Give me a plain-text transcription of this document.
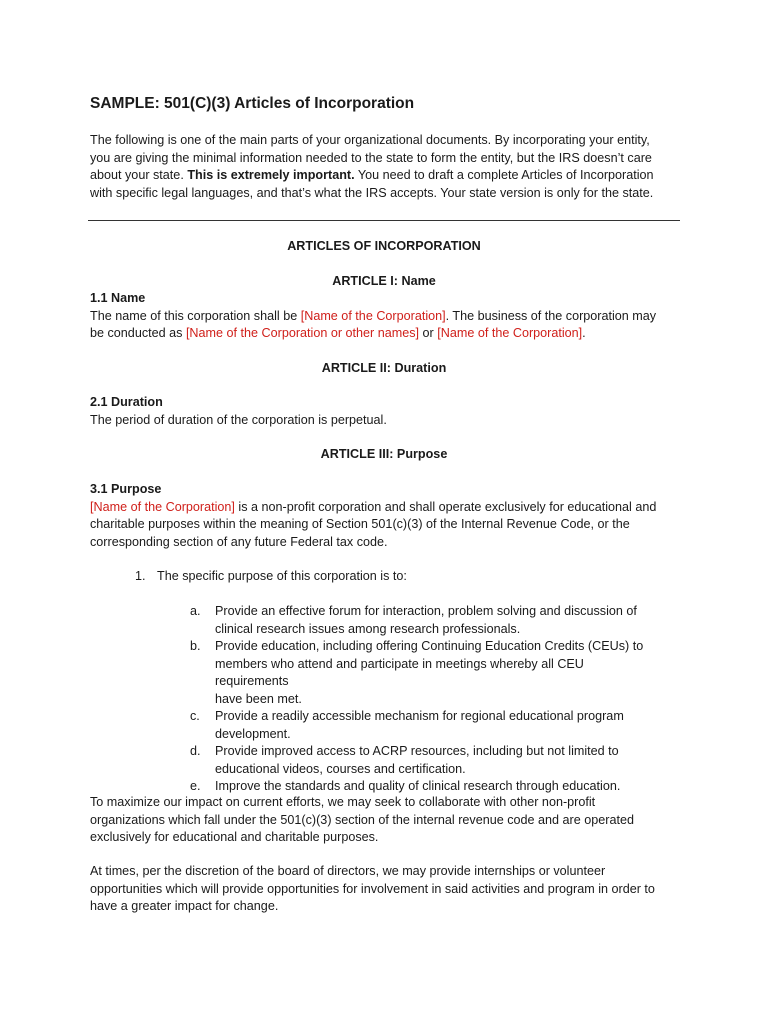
SAMPLE: 501(C)(3) Articles of Incorporation

The following is one of the main parts of your organizational documents. By incorporating your entity,

you are giving the minimal information needed to the state to form the entity, but the IRS doesn’t care

about your state. This is extremely important. You need to draft a complete Articles of Incorporation

with specific legal languages, and that’s what the IRS accepts. Your state version is only for the state.

ARTICLES OF INCORPORATION
ARTICLE I: Name

1.1 Name

The name of this corporation shall be [Name of the Corporation]. The business of the corporation may

be conducted as [Name of the Corporation or other names] or [Name of the Corporation].

ARTICLE II: Duration

2.1 Duration

The period of duration of the corporation is perpetual.

ARTICLE III: Purpose

3.1 Purpose

[Name of the Corporation] is a non-profit corporation and shall operate exclusively for educational and

charitable purposes within the meaning of Section 501(c)(3) of the Internal Revenue Code, or the

corresponding section of any future Federal tax code.

1. The specific purpose of this corporation is to:
a. Provide an effective forum for interaction, problem solving and discussion of
clinical research issues among research professionals.
b. Provide education, including offering Continuing Education Credits (CEUs) to
members who attend and participate in meetings whereby all CEU requirements
have been met.
c. Provide a readily accessible mechanism for regional educational program
development.
d. Provide improved access to ACRP resources, including but not limited to
educational videos, courses and certification.
e. Improve the standards and quality of clinical research through education.

To maximize our impact on current efforts, we may seek to collaborate with other non-profit

organizations which fall under the 501(c)(3) section of the internal revenue code and are operated

exclusively for educational and charitable purposes.

At times, per the discretion of the board of directors, we may provide internships or volunteer

opportunities which will provide opportunities for involvement in said activities and program in order to

have a greater impact for change.
